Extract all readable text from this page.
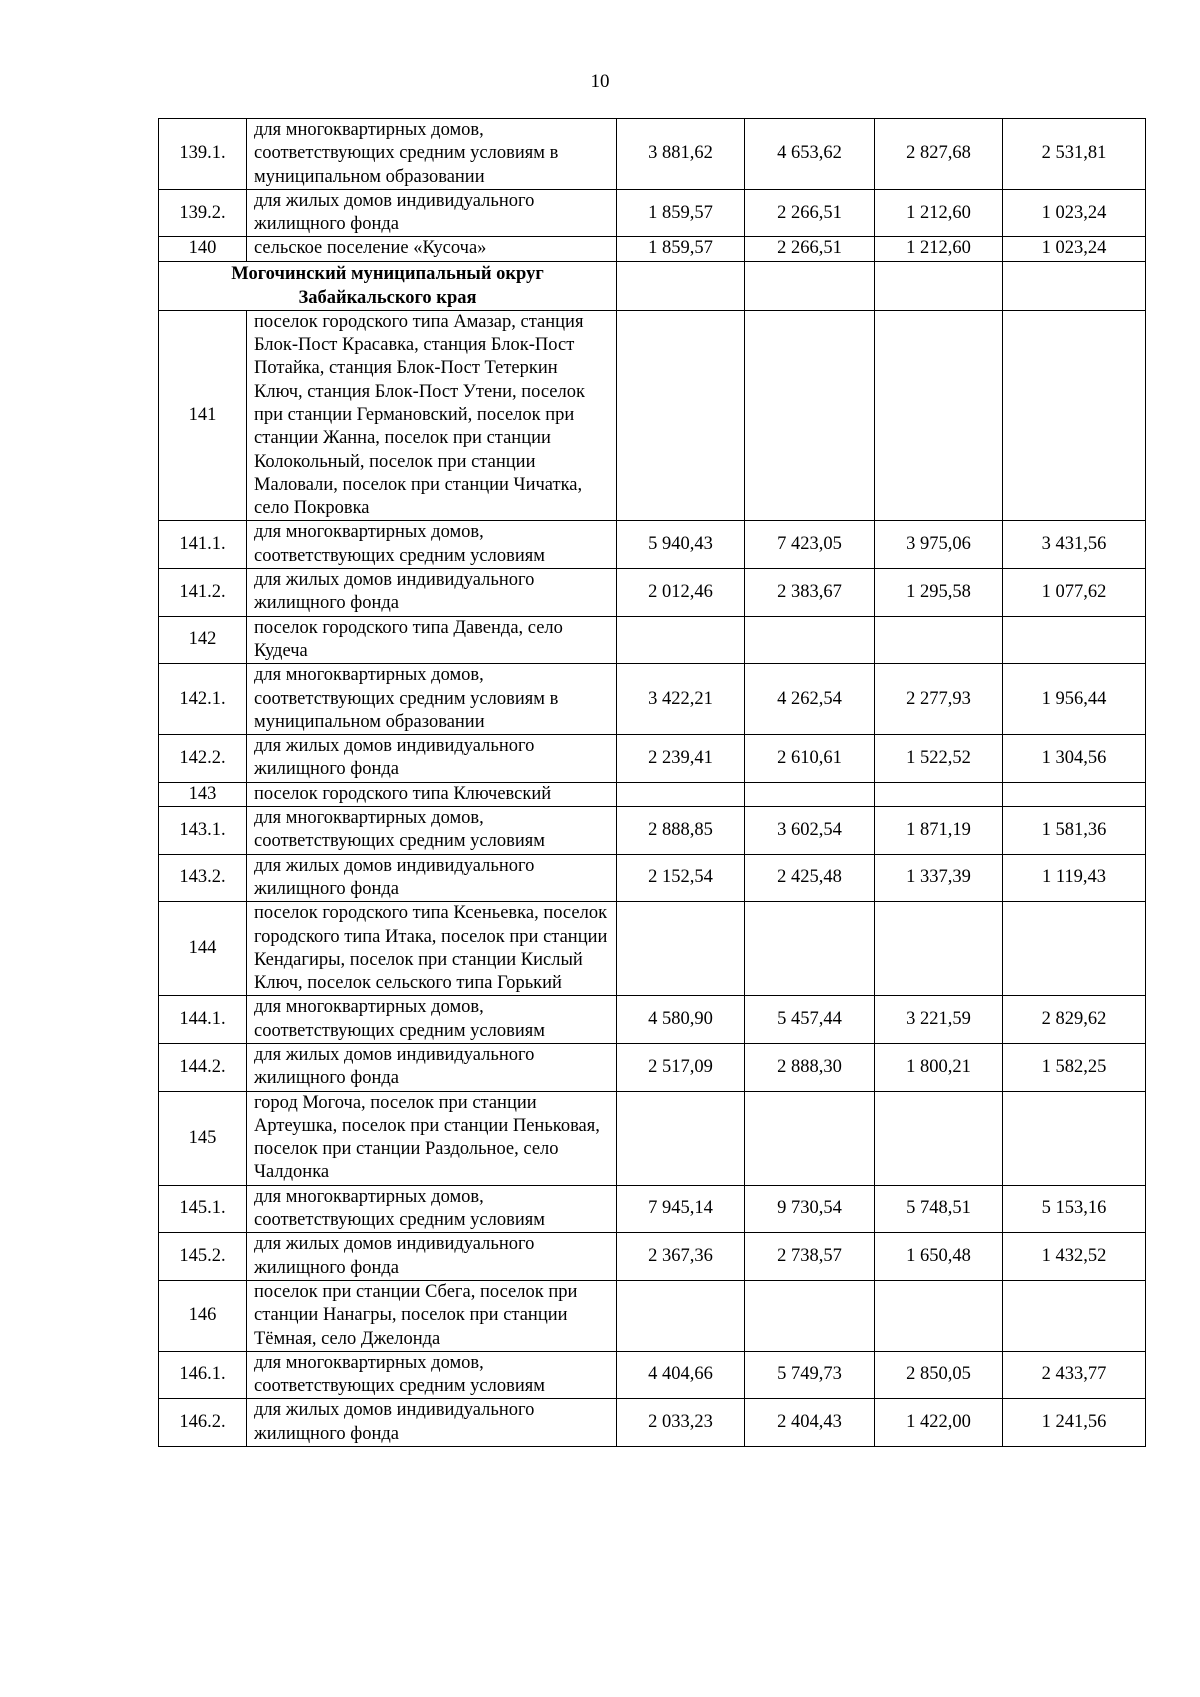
10
139.1.	для многоквартирных домов, соответствующих средним условиям в муниципальном образовании	3 881,62	4 653,62	2 827,68	2 531,81
139.2.	для жилых домов индивидуального жилищного фонда	1 859,57	2 266,51	1 212,60	1 023,24
140	сельское поселение «Кусоча»	1 859,57	2 266,51	1 212,60	1 023,24
Могочинский муниципальный округ Забайкальского края					
141	поселок городского типа Амазар, станция Блок-Пост Красавка, станция Блок-Пост Потайка, станция Блок-Пост Тетеркин Ключ, станция Блок-Пост Утени, поселок при станции Германовский, поселок при станции Жанна, поселок при станции Колокольный, поселок при станции Маловали, поселок при станции Чичатка, село Покровка				
141.1.	для многоквартирных домов, соответствующих средним условиям	5 940,43	7 423,05	3 975,06	3 431,56
141.2.	для жилых домов индивидуального жилищного фонда	2 012,46	2 383,67	1 295,58	1 077,62
142	поселок городского типа Давенда, село Кудеча				
142.1.	для многоквартирных домов, соответствующих средним условиям в муниципальном образовании	3 422,21	4 262,54	2 277,93	1 956,44
142.2.	для жилых домов индивидуального жилищного фонда	2 239,41	2 610,61	1 522,52	1 304,56
143	поселок городского типа Ключевский				
143.1.	для многоквартирных домов, соответствующих средним условиям	2 888,85	3 602,54	1 871,19	1 581,36
143.2.	для жилых домов индивидуального жилищного фонда	2 152,54	2 425,48	1 337,39	1 119,43
144	поселок городского типа Ксеньевка, поселок городского типа Итака, поселок при станции Кендагиры, поселок при станции Кислый Ключ, поселок сельского типа Горький				
144.1.	для многоквартирных домов, соответствующих средним условиям	4 580,90	5 457,44	3 221,59	2 829,62
144.2.	для жилых домов индивидуального жилищного фонда	2 517,09	2 888,30	1 800,21	1 582,25
145	город Могоча, поселок при станции Артеушка, поселок при станции Пеньковая, поселок при станции Раздольное, село Чалдонка				
145.1.	для многоквартирных домов, соответствующих средним условиям	7 945,14	9 730,54	5 748,51	5 153,16
145.2.	для жилых домов индивидуального жилищного фонда	2 367,36	2 738,57	1 650,48	1 432,52
146	поселок при станции Сбега, поселок при станции Нанагры, поселок при станции Тёмная, село Джелонда				
146.1.	для многоквартирных домов, соответствующих средним условиям	4 404,66	5 749,73	2 850,05	2 433,77
146.2.	для жилых домов индивидуального жилищного фонда	2 033,23	2 404,43	1 422,00	1 241,56
